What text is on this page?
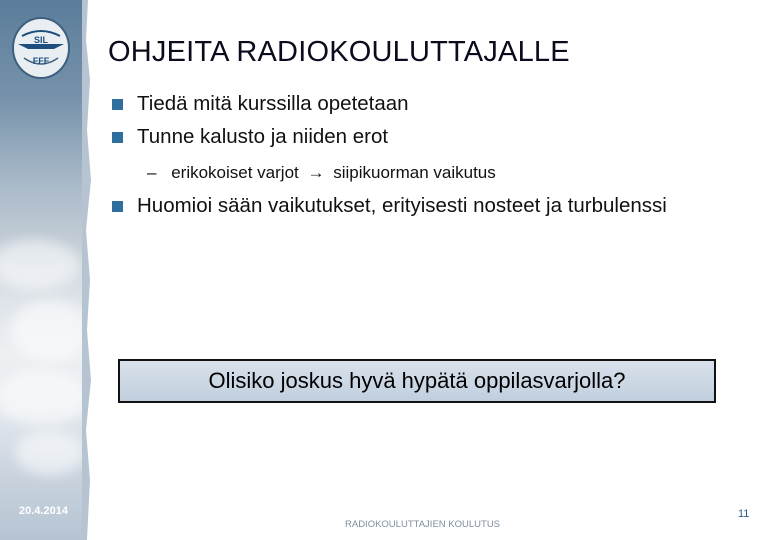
SIL
FFF OHJEITA RADIOKOULUTTAJALLE
Tiedä mitä kurssilla opetetaan
Tunne kalusto ja niiden erot
– erikokoiset varjot → siipikuorman vaikutus
Huomioi sään vaikutukset, erityisesti nosteet ja turbulenssi
Olisiko joskus hyvä hypätä oppilasvarjolla?
20.4.2014
RADIOKOULUTTAJIEN KOULUTUS
11
